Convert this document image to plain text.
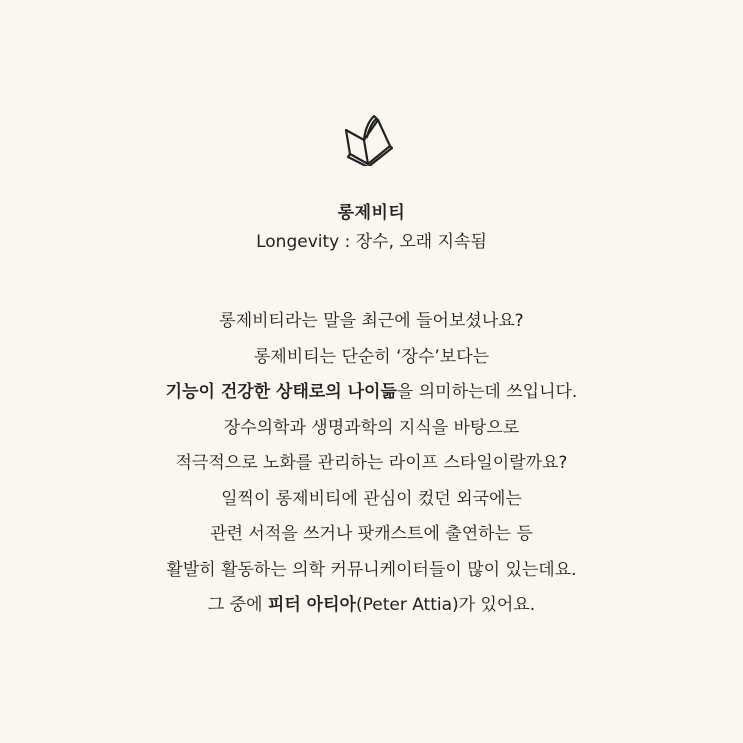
롱제비티

Longevity : 장수, 오래 지속됨

롱제비티라는 말을 최근에 들어보셨나요?

롱제비티는 단순히 ‘장수’보다는

기능이 건강한 상태로의 나이듦을 의미하는데 쓰입니다.

장수의학과 생명과학의 지식을 바탕으로

적극적으로 노화를 관리하는 라이프 스타일이랄까요?

일찍이 롱제비티에 관심이 컸던 외국에는

관련 서적을 쓰거나 팟캐스트에 출연하는 등

활발히 활동하는 의학 커뮤니케이터들이 많이 있는데요.

그 중에 피터 아티아(Peter Attia)가 있어요.
